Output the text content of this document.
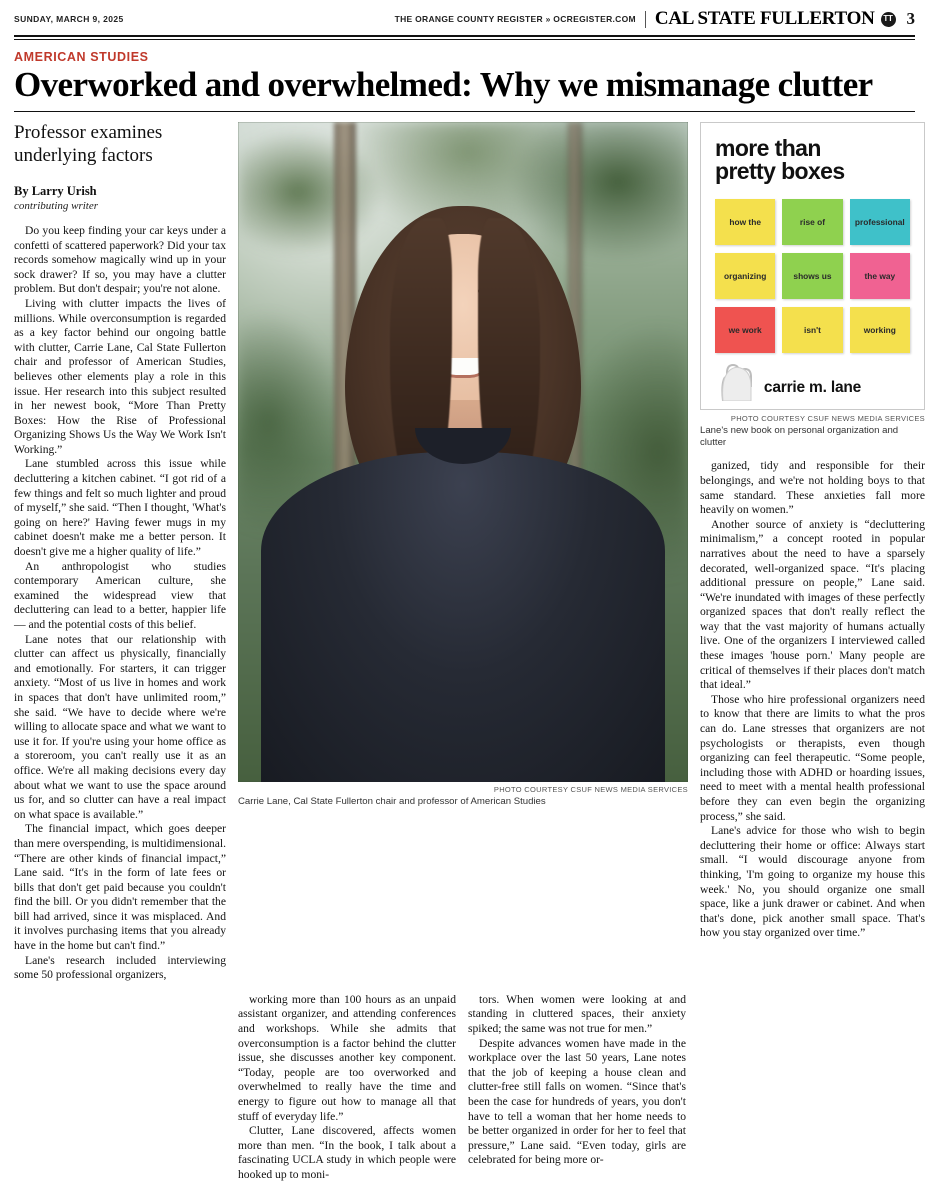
SUNDAY, MARCH 9, 2025	THE ORANGE COUNTY REGISTER » OCREGISTER.COM CAL STATE FULLERTON	TT 3
AMERICAN STUDIES
Overworked and overwhelmed: Why we mismanage clutter
Professor examines underlying factors
By Larry Urish
contributing writer

Do you keep finding your car keys under a confetti of scattered paperwork? Did your tax records somehow magically wind up in your sock drawer? If so, you may have a clutter problem. But don't despair; you're not alone.

Living with clutter impacts the lives of millions. While overconsumption is regarded as a key factor behind our ongoing battle with clutter, Carrie Lane, Cal State Fullerton chair and professor of American Studies, believes other elements play a role in this issue. Her research into this subject resulted in her newest book, “More Than Pretty Boxes: How the Rise of Professional Organizing Shows Us the Way We Work Isn't Working.”

Lane stumbled across this issue while decluttering a kitchen cabinet. “I got rid of a few things and felt so much lighter and proud of myself,” she said. “Then I thought, 'What's going on here?' Having fewer mugs in my cabinet doesn't make me a better person. It doesn't give me a higher quality of life.”

An anthropologist who studies contemporary American culture, she examined the widespread view that decluttering can lead to a better, happier life — and the potential costs of this belief.

Lane notes that our relationship with clutter can affect us physically, financially and emotionally. For starters, it can trigger anxiety. “Most of us live in homes and work in spaces that don't have unlimited room,” she said. “We have to decide where we're willing to allocate space and what we want to use it for. If you're using your home office as a storeroom, you can't really use it as an office. We're all making decisions every day about what we want to use the space around us for, and so clutter can have a real impact on what space is available.”

The financial impact, which goes deeper than mere overspending, is multidimensional. “There are other kinds of financial impact,” Lane said. “It's in the form of late fees or bills that don't get paid because you couldn't find the bill. Or you didn't remember that the bill had arrived, since it was misplaced. And it involves purchasing items that you already have in the home but can't find.”

Lane's research included interviewing some 50 professional organizers,

PHOTO COURTESY CSUF NEWS MEDIA SERVICES
Carrie Lane, Cal State Fullerton chair and professor of American Studies
more than
pretty boxes
how the	rise of	professional
organizing	shows us	the way
we work	isn't	working
carrie m. lane
PHOTO COURTESY CSUF NEWS MEDIA SERVICES
Lane's new book on personal organization and clutter

ganized, tidy and responsible for their belongings, and we're not holding boys to that same standard. These anxieties fall more heavily on women.”

Another source of anxiety is “decluttering minimalism,” a concept rooted in popular narratives about the need to have a sparsely decorated, well-organized space. “It's placing additional pressure on people,” Lane said. “We're inundated with images of these perfectly organized spaces that don't really reflect the way that the vast majority of humans actually live. One of the organizers I interviewed called these images 'house porn.' Many people are critical of themselves if their places don't match that ideal.”

Those who hire professional organizers need to know that there are limits to what the pros can do. Lane stresses that organizers are not psychologists or therapists, even though organizing can feel therapeutic. “Some people, including those with ADHD or hoarding issues, need to meet with a mental health professional before they can even begin the organizing process,” she said.

Lane's advice for those who wish to begin decluttering their home or office: Always start small. “I would discourage anyone from thinking, 'I'm going to organize my house this week.' No, you should organize one small space, like a junk drawer or cabinet. And when that's done, pick another small space. That's how you stay organized over time.”

working more than 100 hours as an unpaid assistant organizer, and attending conferences and workshops. While she admits that overconsumption is a factor behind the clutter issue, she discusses another key component. “Today, people are too overworked and overwhelmed to really have the time and energy to figure out how to manage all that stuff of everyday life.”

Clutter, Lane discovered, affects women more than men. “In the book, I talk about a fascinating UCLA study in which people were hooked up to moni-

tors. When women were looking at and standing in cluttered spaces, their anxiety spiked; the same was not true for men.”

Despite advances women have made in the workplace over the last 50 years, Lane notes that the job of keeping a house clean and clutter-free still falls on women. “Since that's been the case for hundreds of years, you don't have to tell a woman that her home needs to be better organized in order for her to feel that pressure,” Lane said. “Even today, girls are celebrated for being more or-
